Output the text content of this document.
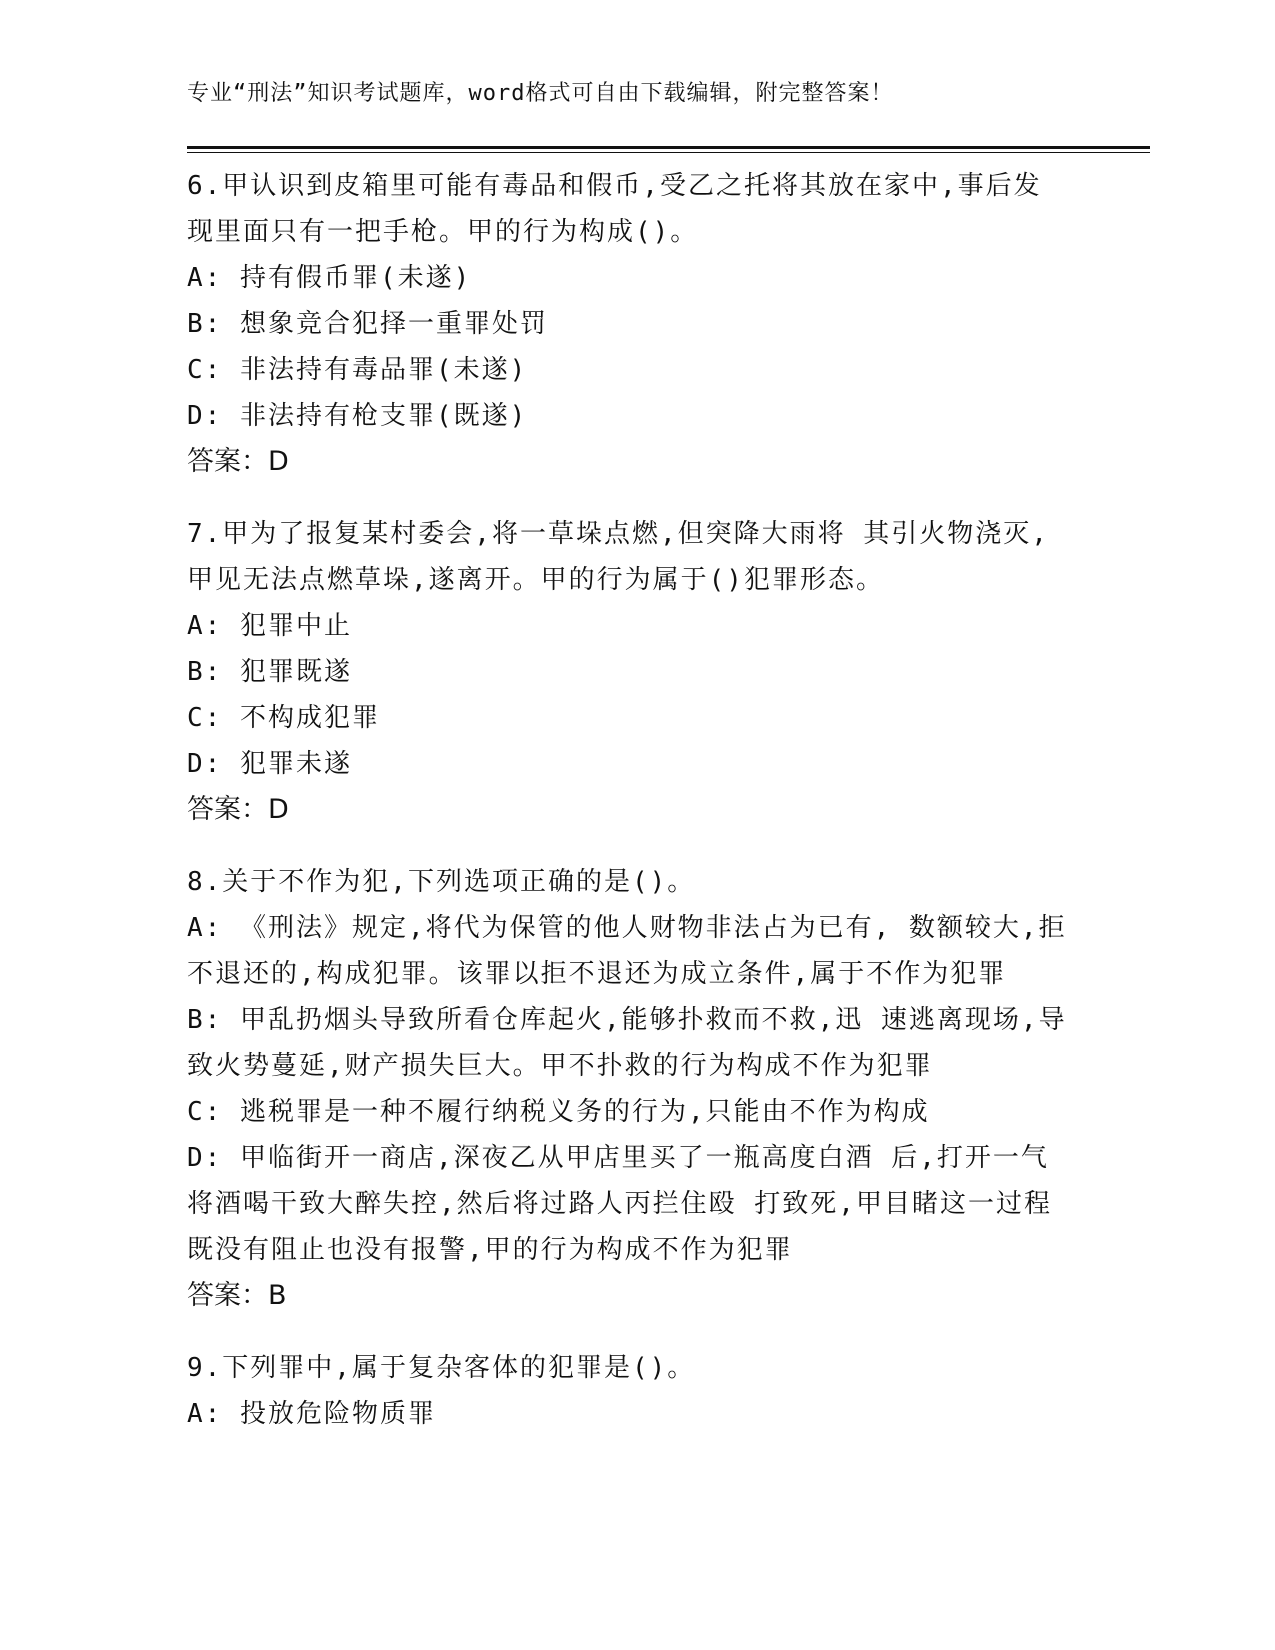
专业“刑法”知识考试题库，word格式可自由下载编辑，附完整答案！
6.甲认识到皮箱里可能有毒品和假币,受乙之托将其放在家中,事后发
现里面只有一把手枪。甲的行为构成()。
A: 持有假币罪(未遂)
B: 想象竞合犯择一重罪处罚
C: 非法持有毒品罪(未遂)
D: 非法持有枪支罪(既遂)
答案：D
7.甲为了报复某村委会,将一草垛点燃,但突降大雨将 其引火物浇灭,
甲见无法点燃草垛,遂离开。甲的行为属于()犯罪形态。
A: 犯罪中止
B: 犯罪既遂
C: 不构成犯罪
D: 犯罪未遂
答案：D
8.关于不作为犯,下列选项正确的是()。
A: 《刑法》规定,将代为保管的他人财物非法占为已有, 数额较大,拒
不退还的,构成犯罪。该罪以拒不退还为成立条件,属于不作为犯罪
B: 甲乱扔烟头导致所看仓库起火,能够扑救而不救,迅 速逃离现场,导
致火势蔓延,财产损失巨大。甲不扑救的行为构成不作为犯罪
C: 逃税罪是一种不履行纳税义务的行为,只能由不作为构成
D: 甲临街开一商店,深夜乙从甲店里买了一瓶高度白酒 后,打开一气
将酒喝干致大醉失控,然后将过路人丙拦住殴 打致死,甲目睹这一过程
既没有阻止也没有报警,甲的行为构成不作为犯罪
答案：B
9.下列罪中,属于复杂客体的犯罪是()。
A: 投放危险物质罪
